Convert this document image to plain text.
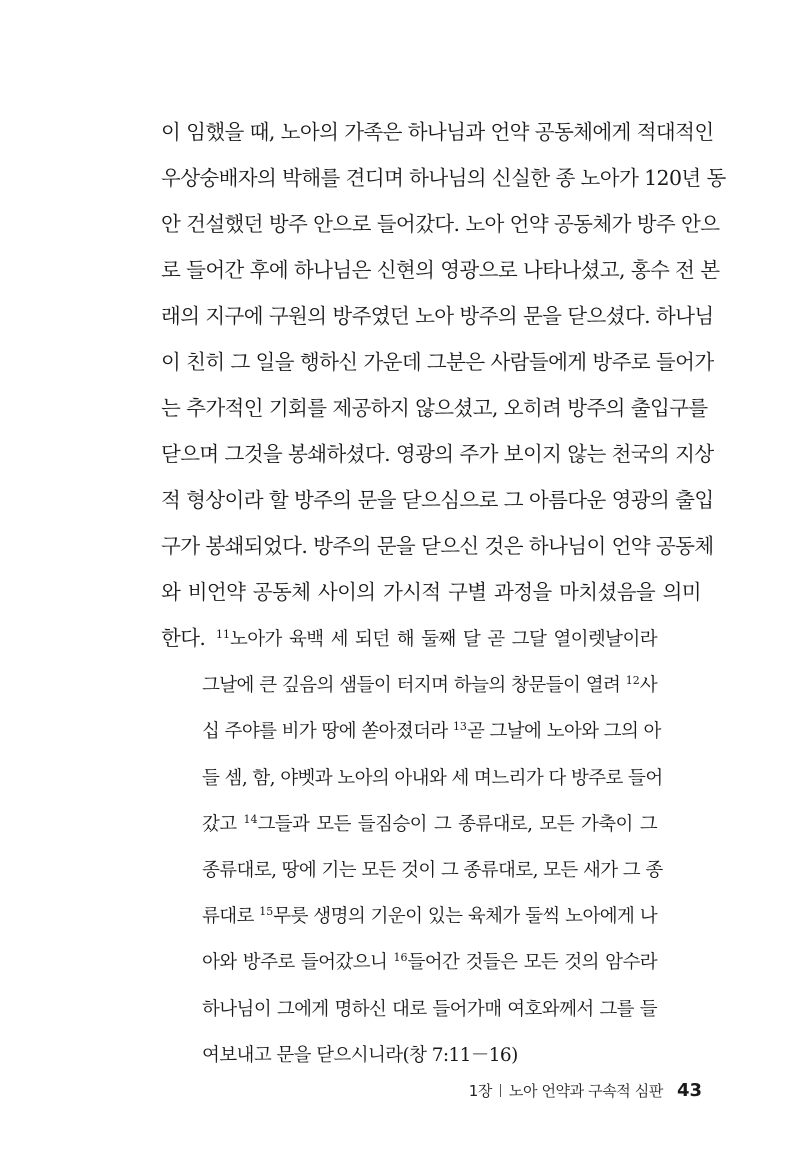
이 임했을 때, 노아의 가족은 하나님과 언약 공동체에게 적대적인
우상숭배자의 박해를 견디며 하나님의 신실한 종 노아가 120년 동
안 건설했던 방주 안으로 들어갔다. 노아 언약 공동체가 방주 안으
로 들어간 후에 하나님은 신현의 영광으로 나타나셨고, 홍수 전 본
래의 지구에 구원의 방주였던 노아 방주의 문을 닫으셨다. 하나님
이 친히 그 일을 행하신 가운데 그분은 사람들에게 방주로 들어가
는 추가적인 기회를 제공하지 않으셨고, 오히려 방주의 출입구를
닫으며 그것을 봉쇄하셨다. 영광의 주가 보이지 않는 천국의 지상
적 형상이라 할 방주의 문을 닫으심으로 그 아름다운 영광의 출입
구가 봉쇄되었다. 방주의 문을 닫으신 것은 하나님이 언약 공동체
와 비언약 공동체 사이의 가시적 구별 과정을 마치셨음을 의미
한다. $^{11}$노아가 육백 세 되던 해 둘째 달 곧 그달 열이렛날이라
그날에 큰 깊음의 샘들이 터지며 하늘의 창문들이 열려 $^{12}$사
십 주야를 비가 땅에 쏟아졌더라 $^{13}$곧 그날에 노아와 그의 아
들 셈, 함, 야벳과 노아의 아내와 세 며느리가 다 방주로 들어
갔고 $^{14}$그들과 모든 들짐승이 그 종류대로, 모든 가축이 그
종류대로, 땅에 기는 모든 것이 그 종류대로, 모든 새가 그 종
류대로 $^{15}$무릇 생명의 기운이 있는 육체가 둘씩 노아에게 나
아와 방주로 들어갔으니 $^{16}$들어간 것들은 모든 것의 암수라
하나님이 그에게 명하신 대로 들어가매 여호와께서 그를 들
여보내고 문을 닫으시니라(창 7:11－16)
1장 노아 언약과 구속적 심판 43
